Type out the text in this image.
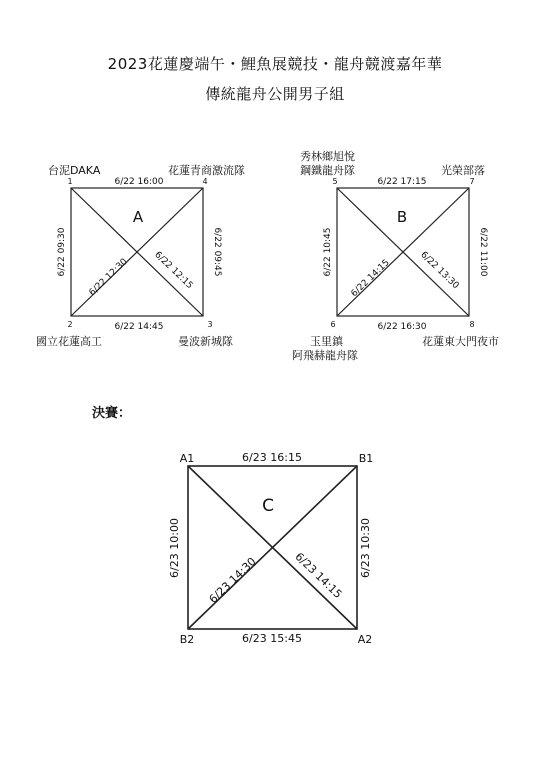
2023花蓮慶端午・鯉魚展競技・龍舟競渡嘉年華
傳統龍舟公開男子組
A
台泥DAKA
1
花蓮青商激流隊
4
2
國立花蓮高工
3
曼波新城隊
6/22 16:00
6/22 14:45
6/22 09:30	6/22 09:45
6/22 12:30	6/22 12:15
B
秀林鄉旭悅
鋼鐵龍舟隊
5
光榮部落
7
6
玉里鎮
阿飛赫龍舟隊
8
花蓮東大門夜市
6/22 17:15
6/22 16:30
6/22 10:45	6/22 11:00
6/22 14:15	6/22 13:30
決賽：
C
A1	B1
B2	A2
6/23 16:15
6/23 15:45
6/23 10:00	6/23 10:30
6/23 14:30	6/23 14:15
